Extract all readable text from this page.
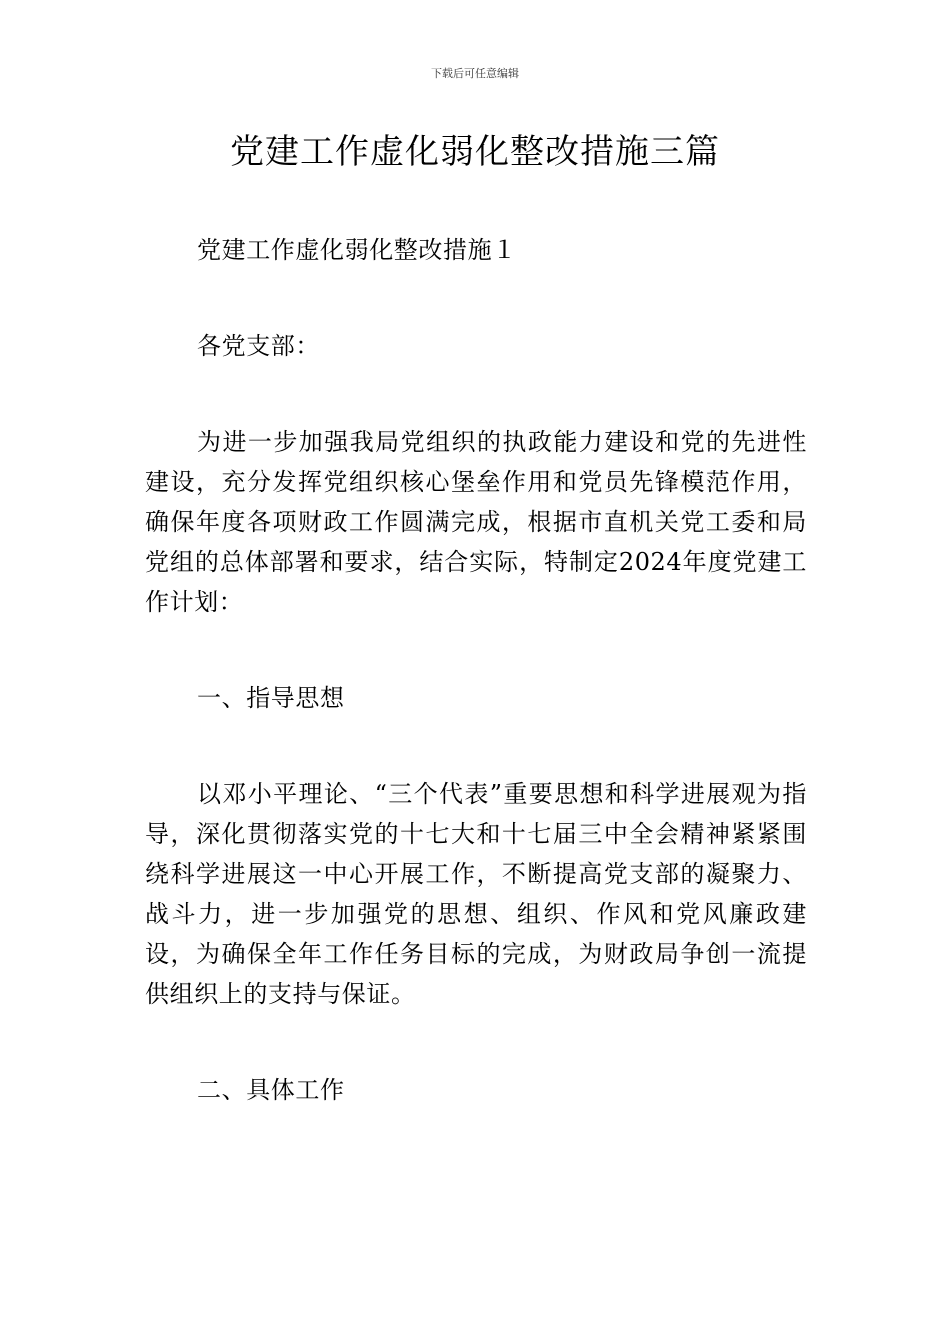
下载后可任意编辑
党建工作虚化弱化整改措施三篇

党建工作虚化弱化整改措施１

各党支部：

为进一步加强我局党组织的执政能力建设和党的先进性建设，充分发挥党组织核心堡垒作用和党员先锋模范作用，确保年度各项财政工作圆满完成，根据市直机关党工委和局党组的总体部署和要求，结合实际，特制定2024年度党建工作计划：

一、指导思想

以邓小平理论、“三个代表”重要思想和科学进展观为指导，深化贯彻落实党的十七大和十七届三中全会精神紧紧围绕科学进展这一中心开展工作，不断提高党支部的凝聚力、战斗力，进一步加强党的思想、组织、作风和党风廉政建设，为确保全年工作任务目标的完成，为财政局争创一流提供组织上的支持与保证。

二、具体工作
